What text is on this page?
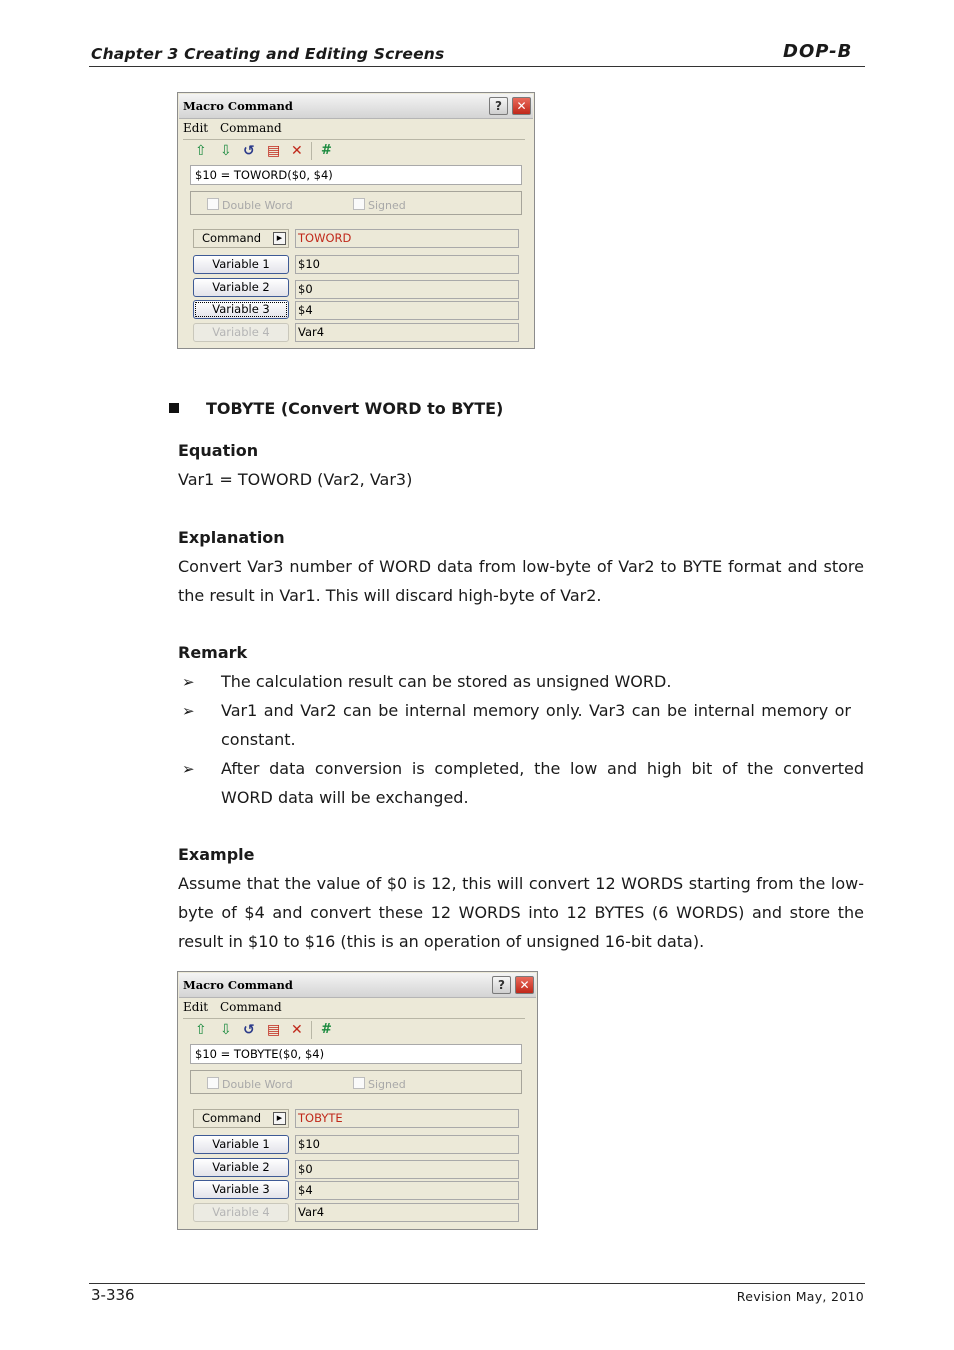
Chapter 3 Creating and Editing Screens	DOP-B
Macro Command	?	✕
Edit Command
⇧ ⇩ ↺ ▤ ✕ #
$10 = TOWORD($0, $4)
Double Word	Signed
Command	▶	TOWORD
Variable 1	$10
Variable 2	$0
Variable 3	$4
Variable 4	Var4
TOBYTE (Convert WORD to BYTE)
Equation
Var1 = TOWORD (Var2, Var3)
Explanation
Convert Var3 number of WORD data from low-byte of Var2 to BYTE format and store the result in Var1. This will discard high-byte of Var2.
Remark
➢ The calculation result can be stored as unsigned WORD.
➢ Var1 and Var2 can be internal memory only. Var3 can be internal memory or constant.
➢ After data conversion is completed, the low and high bit of the converted WORD data will be exchanged.
Example
Assume that the value of $0 is 12, this will convert 12 WORDS starting from the low-byte of $4 and convert these 12 WORDS into 12 BYTES (6 WORDS) and store the result in $10 to $16 (this is an operation of unsigned 16-bit data).
Macro Command	?	✕
Edit Command
⇧ ⇩ ↺ ▤ ✕ #
$10 = TOBYTE($0, $4)
Double Word	Signed
Command	▶	TOBYTE
Variable 1	$10
Variable 2	$0
Variable 3	$4
Variable 4	Var4
3-336	Revision May, 2010
